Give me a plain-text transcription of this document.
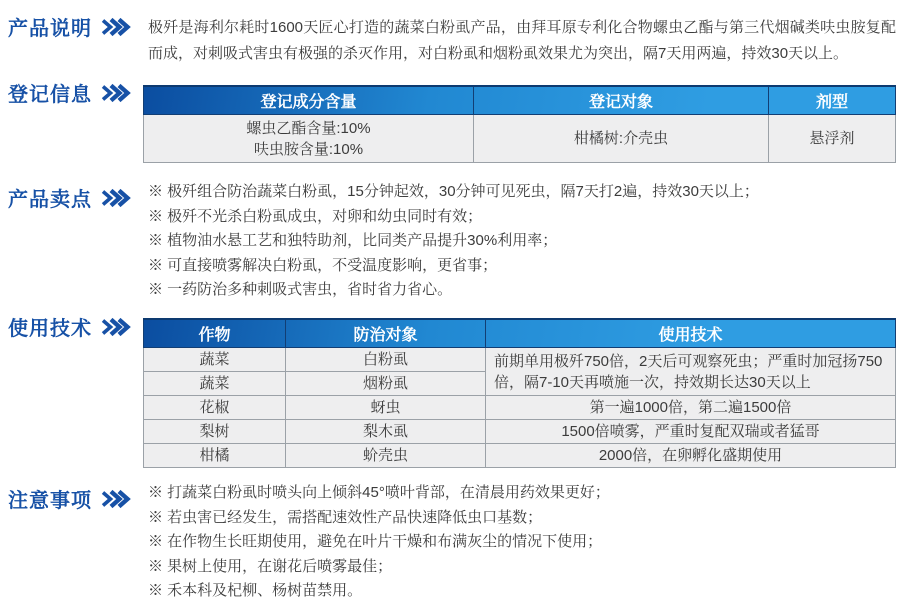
产品说明	极歼是海利尔耗时1600天匠心打造的蔬菜白粉虱产品，由拜耳原专利化合物螺虫乙酯与第三代烟碱类呋虫胺复配而成，对刺吸式害虫有极强的杀灭作用，对白粉虱和烟粉虱效果尤为突出，隔7天用两遍，持效30天以上。
登记信息	登记成分含量	登记对象	剂型

螺虫乙酯含量:10%
呋虫胺含量:10%	柑橘树:介壳虫	悬浮剂
产品卖点	※ 极歼组合防治蔬菜白粉虱，15分钟起效，30分钟可见死虫，隔7天打2遍，持效30天以上；
※ 极歼不光杀白粉虱成虫，对卵和幼虫同时有效；
※ 植物油水悬工艺和独特助剂，比同类产品提升30%利用率；
※ 可直接喷雾解决白粉虱，不受温度影响，更省事；
※ 一药防治多种刺吸式害虫，省时省力省心。
使用技术	作物	防治对象	使用技术
蔬菜	白粉虱	前期单用极歼750倍，2天后可观察死虫；严重时加冠扬750倍，隔7-10天再喷施一次，持效期长达30天以上
蔬菜	烟粉虱	
花椒	蚜虫	第一遍1000倍，第二遍1500倍
梨树	梨木虱	1500倍喷雾，严重时复配双瑞或者猛哥
柑橘	蚧壳虫	2000倍，在卵孵化盛期使用
注意事项	※ 打蔬菜白粉虱时喷头向上倾斜45°喷叶背部，在清晨用药效果更好；
※ 若虫害已经发生，需搭配速效性产品快速降低虫口基数；
※ 在作物生长旺期使用，避免在叶片干燥和布满灰尘的情况下使用；
※ 果树上使用，在谢花后喷雾最佳；
※ 禾本科及杞柳、杨树苗禁用。
